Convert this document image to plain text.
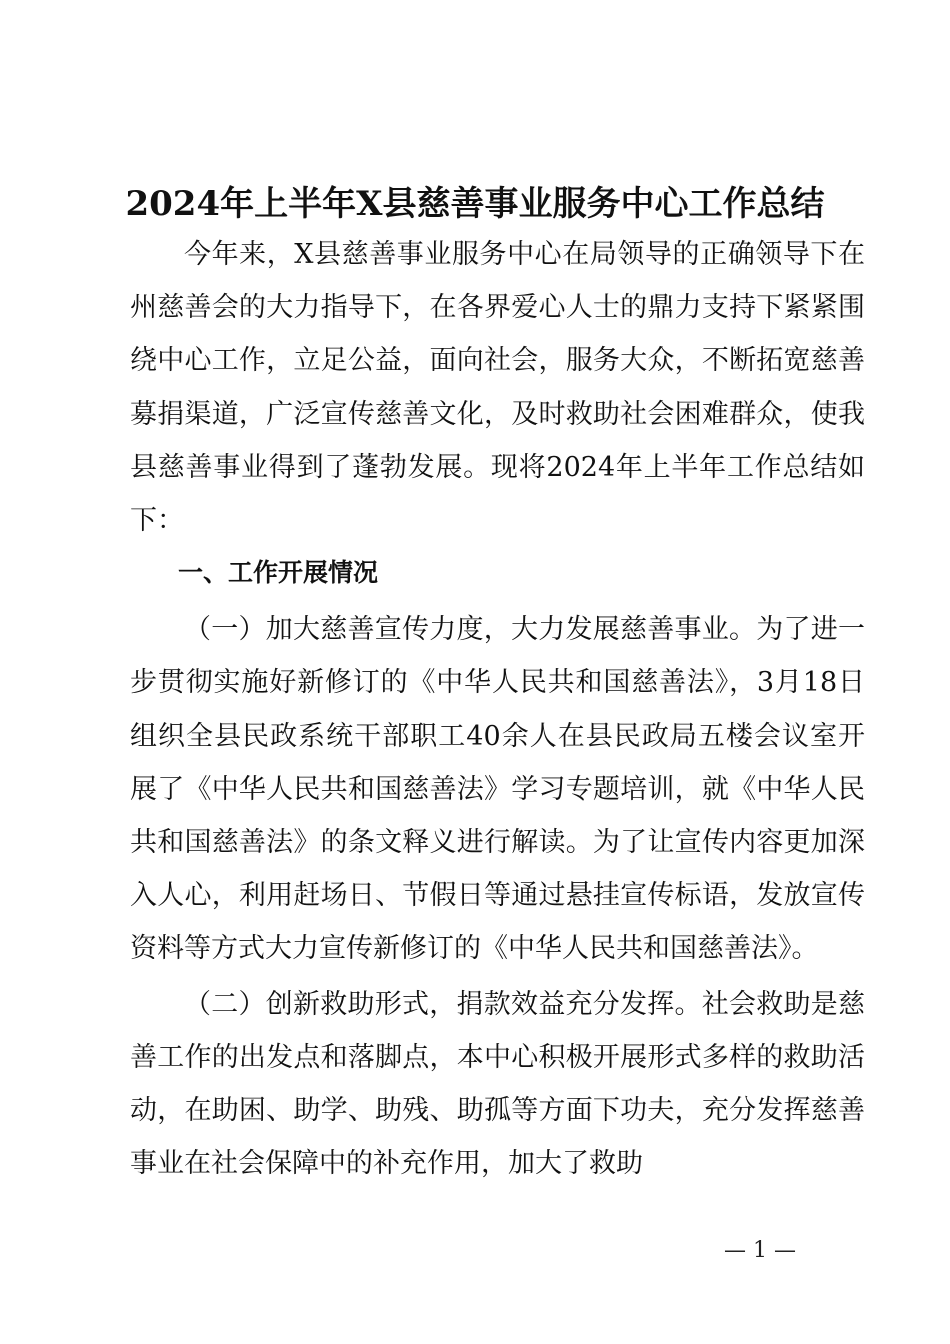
2024年上半年X县慈善事业服务中心工作总结

今年来，X县慈善事业服务中心在局领导的正确领导下在州慈善会的大力指导下，在各界爱心人士的鼎力支持下紧紧围绕中心工作，立足公益，面向社会，服务大众，不断拓宽慈善募捐渠道，广泛宣传慈善文化，及时救助社会困难群众，使我县慈善事业得到了蓬勃发展。现将2024年上半年工作总结如下：

一、工作开展情况

（一）加大慈善宣传力度，大力发展慈善事业。为了进一步贯彻实施好新修订的《中华人民共和国慈善法》，3月18日组织全县民政系统干部职工40余人在县民政局五楼会议室开展了《中华人民共和国慈善法》学习专题培训，就《中华人民共和国慈善法》的条文释义进行解读。为了让宣传内容更加深入人心，利用赶场日、节假日等通过悬挂宣传标语，发放宣传资料等方式大力宣传新修订的《中华人民共和国慈善法》。

（二）创新救助形式，捐款效益充分发挥。社会救助是慈善工作的出发点和落脚点，本中心积极开展形式多样的救助活动，在助困、助学、助残、助孤等方面下功夫，充分发挥慈善事业在社会保障中的补充作用，加大了救助

— 1 —
